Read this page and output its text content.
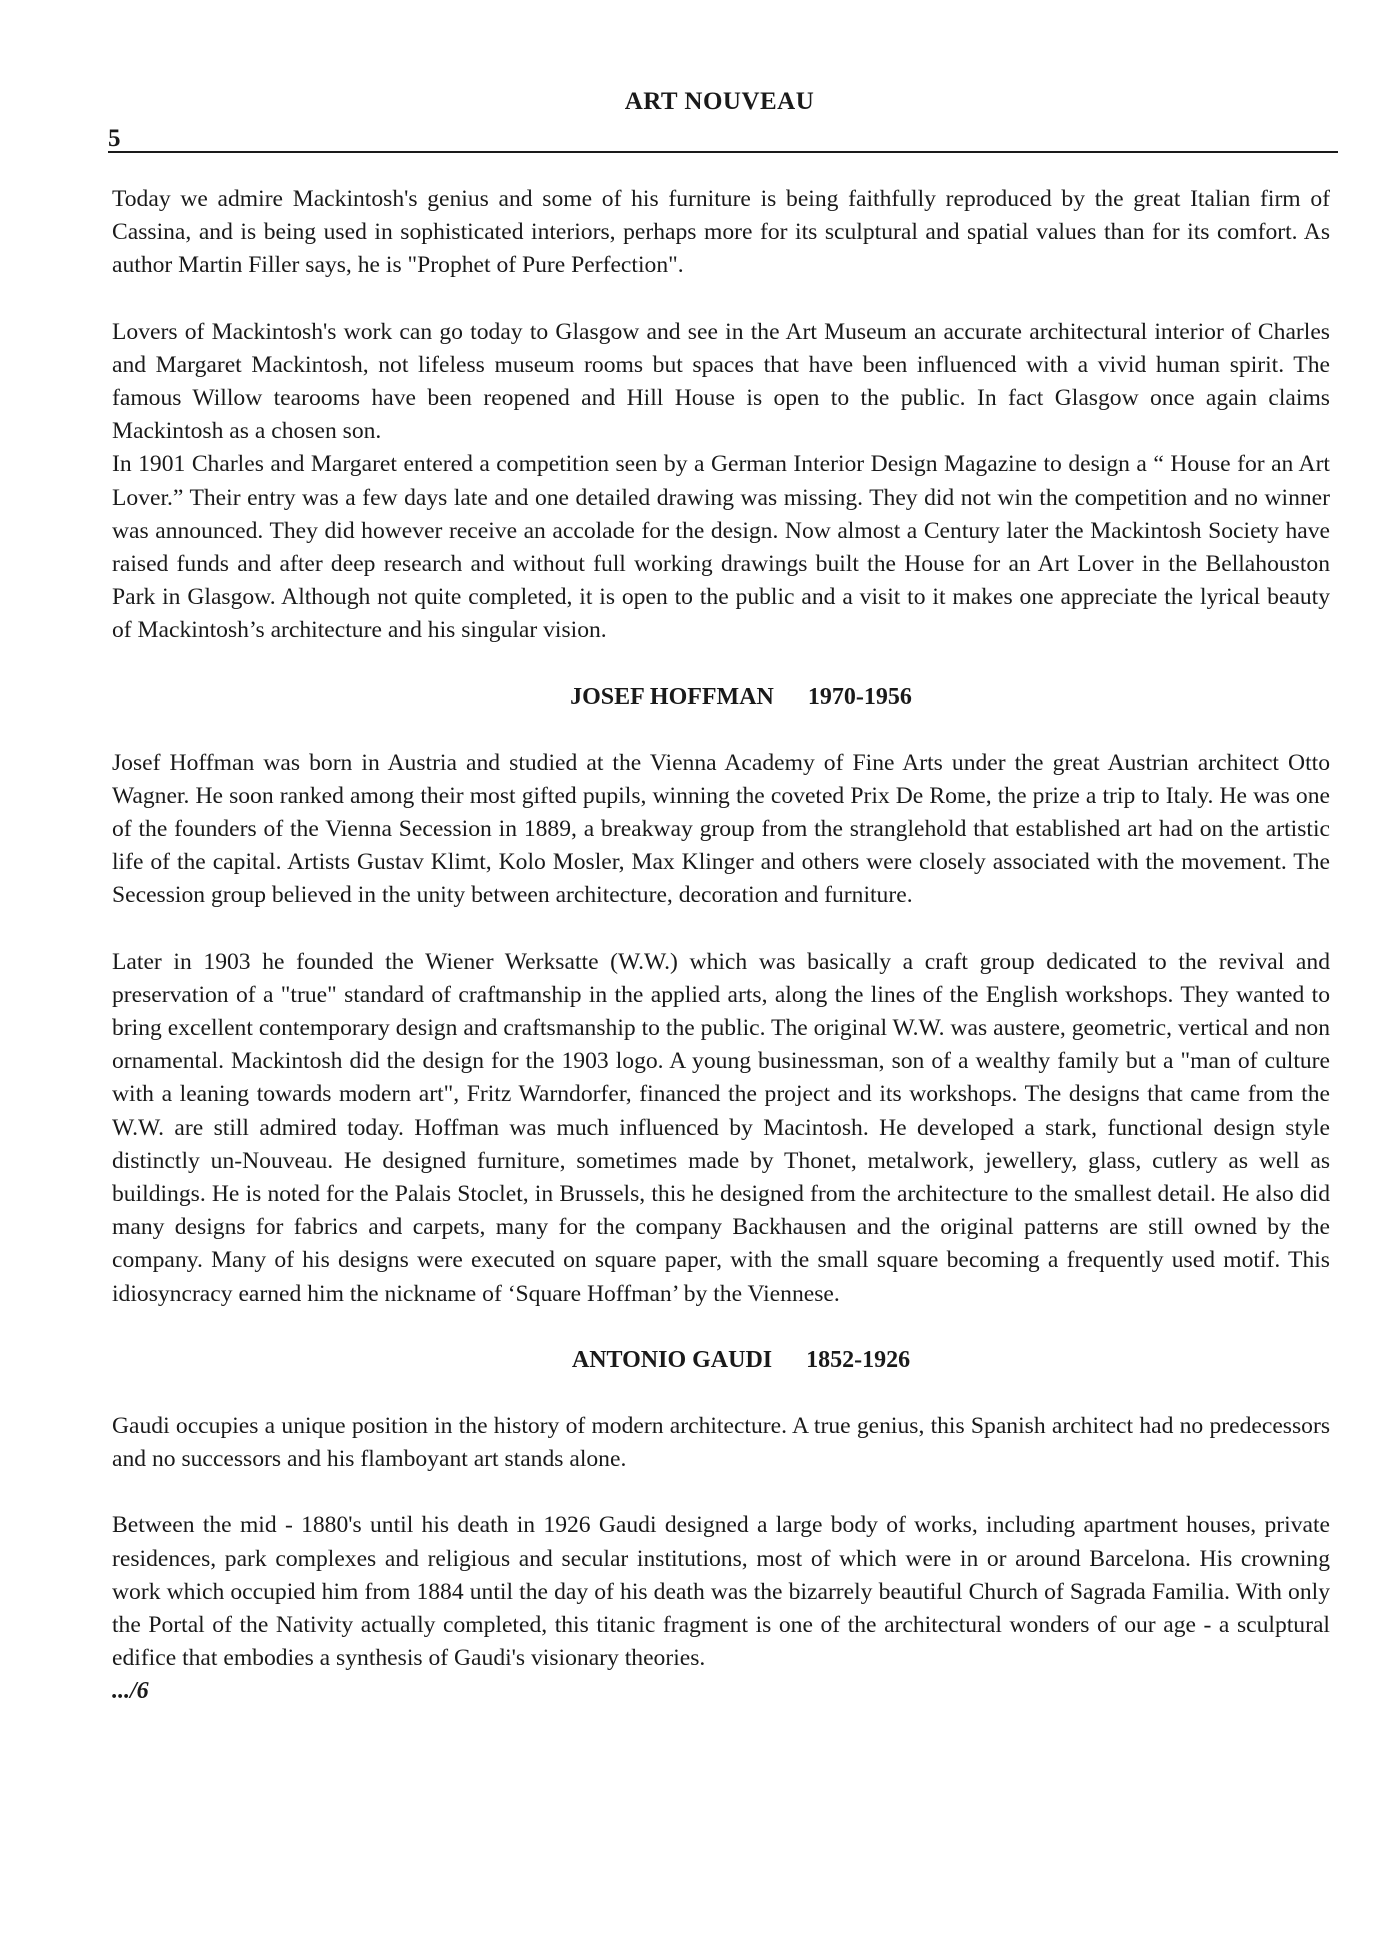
ART NOUVEAU
5

Today we admire Mackintosh's genius and some of his furniture is being faithfully reproduced by the great Italian firm of Cassina, and is being used in sophisticated interiors, perhaps more for its sculptural and spatial values than for its comfort. As author Martin Filler says, he is "Prophet of Pure Perfection".

Lovers of Mackintosh's work can go today to Glasgow and see in the Art Museum an accurate architectural interior of Charles and Margaret Mackintosh, not lifeless museum rooms but spaces that have been influenced with a vivid human spirit. The famous Willow tearooms have been reopened and Hill House is open to the public. In fact Glasgow once again claims Mackintosh as a chosen son.

In 1901 Charles and Margaret entered a competition seen by a German Interior Design Magazine to design a “ House for an Art Lover.” Their entry was a few days late and one detailed drawing was missing. They did not win the competition and no winner was announced. They did however receive an accolade for the design. Now almost a Century later the Mackintosh Society have raised funds and after deep research and without full working drawings built the House for an Art Lover in the Bellahouston Park in Glasgow. Although not quite completed, it is open to the public and a visit to it makes one appreciate the lyrical beauty of Mackintosh’s architecture and his singular vision.

JOSEF HOFFMAN 1970-1956

Josef Hoffman was born in Austria and studied at the Vienna Academy of Fine Arts under the great Austrian architect Otto Wagner. He soon ranked among their most gifted pupils, winning the coveted Prix De Rome, the prize a trip to Italy. He was one of the founders of the Vienna Secession in 1889, a breakway group from the stranglehold that established art had on the artistic life of the capital. Artists Gustav Klimt, Kolo Mosler, Max Klinger and others were closely associated with the movement. The Secession group believed in the unity between architecture, decoration and furniture.

Later in 1903 he founded the Wiener Werksatte (W.W.) which was basically a craft group dedicated to the revival and preservation of a "true" standard of craftmanship in the applied arts, along the lines of the English workshops. They wanted to bring excellent contemporary design and craftsmanship to the public. The original W.W. was austere, geometric, vertical and non ornamental. Mackintosh did the design for the 1903 logo. A young businessman, son of a wealthy family but a "man of culture with a leaning towards modern art", Fritz Warndorfer, financed the project and its workshops. The designs that came from the W.W. are still admired today. Hoffman was much influenced by Macintosh. He developed a stark, functional design style distinctly un-Nouveau. He designed furniture, sometimes made by Thonet, metalwork, jewellery, glass, cutlery as well as buildings. He is noted for the Palais Stoclet, in Brussels, this he designed from the architecture to the smallest detail. He also did many designs for fabrics and carpets, many for the company Backhausen and the original patterns are still owned by the company. Many of his designs were executed on square paper, with the small square becoming a frequently used motif. This idiosyncracy earned him the nickname of ‘Square Hoffman’ by the Viennese.

ANTONIO GAUDI 1852-1926

Gaudi occupies a unique position in the history of modern architecture. A true genius, this Spanish architect had no predecessors and no successors and his flamboyant art stands alone.

Between the mid - 1880's until his death in 1926 Gaudi designed a large body of works, including apartment houses, private residences, park complexes and religious and secular institutions, most of which were in or around Barcelona. His crowning work which occupied him from 1884 until the day of his death was the bizarrely beautiful Church of Sagrada Familia. With only the Portal of the Nativity actually completed, this titanic fragment is one of the architectural wonders of our age - a sculptural edifice that embodies a synthesis of Gaudi's visionary theories.

.../6
